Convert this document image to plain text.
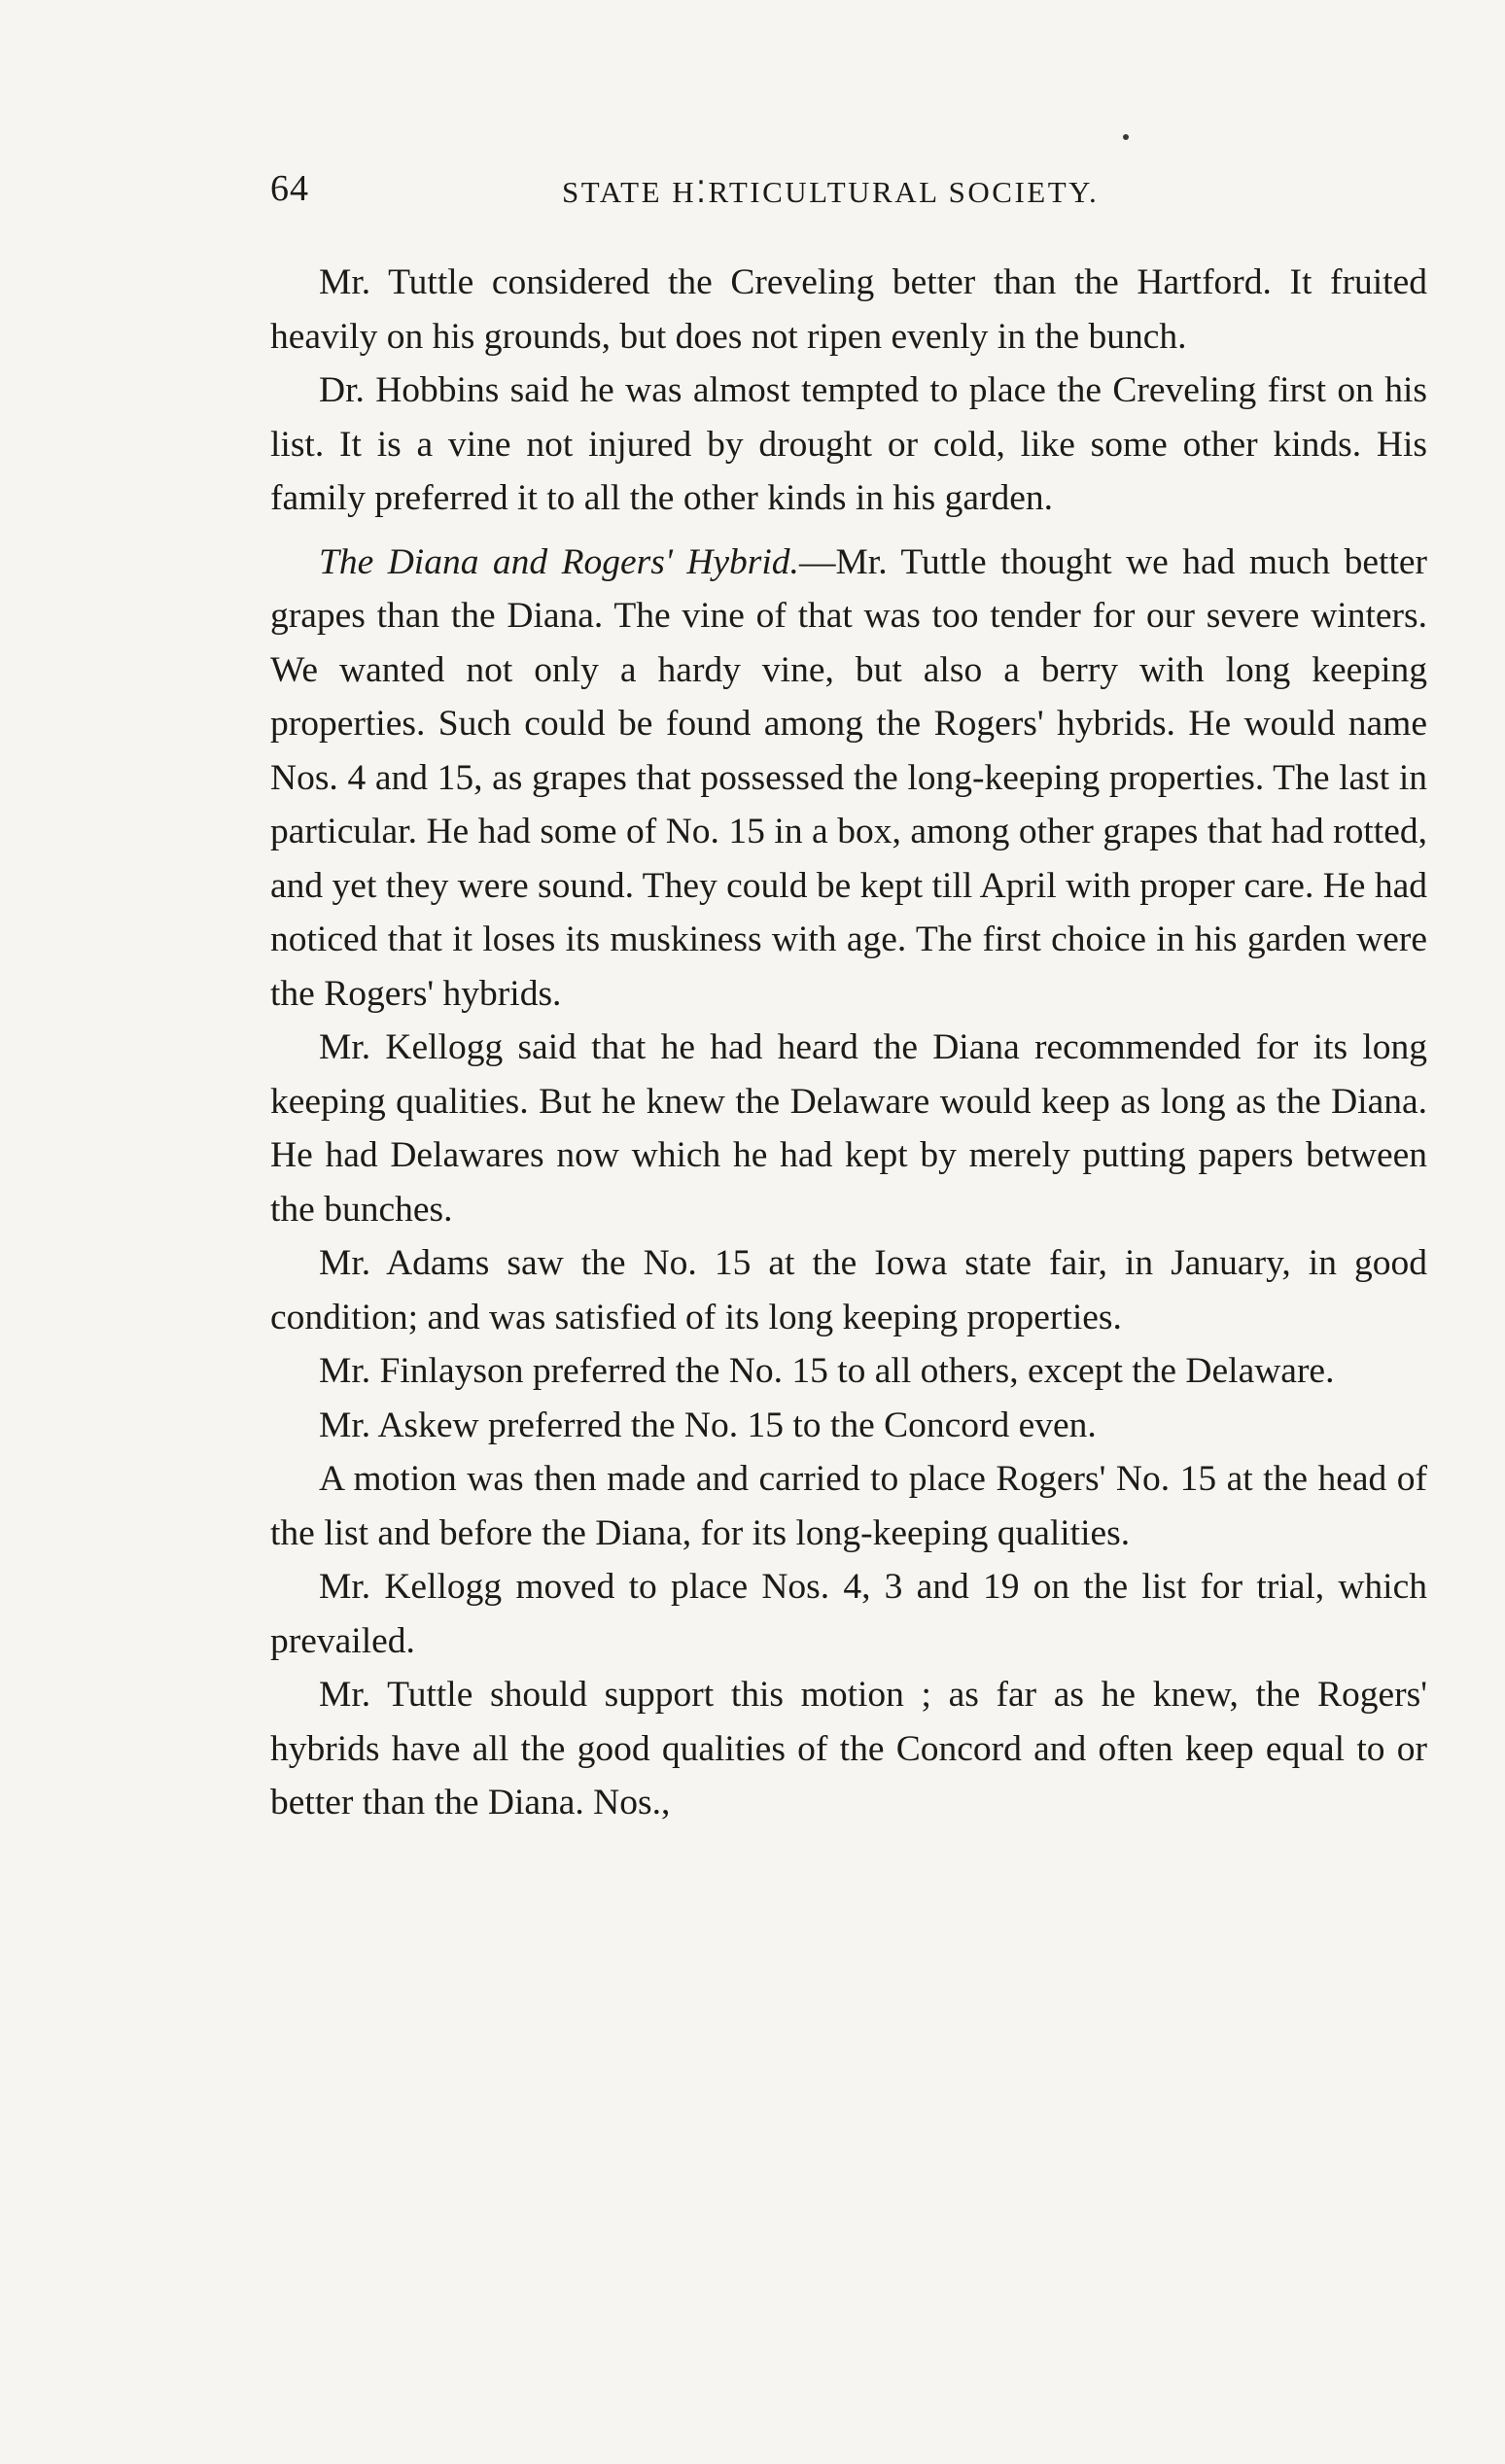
64	STATE H⁚RTICULTURAL SOCIETY.

Mr. Tuttle considered the Creveling better than the Hartford. It fruited heavily on his grounds, but does not ripen evenly in the bunch.

Dr. Hobbins said he was almost tempted to place the Creveling first on his list. It is a vine not injured by drought or cold, like some other kinds. His family preferred it to all the other kinds in his garden.

The Diana and Rogers' Hybrid.—Mr. Tuttle thought we had much better grapes than the Diana. The vine of that was too tender for our severe winters. We wanted not only a hardy vine, but also a berry with long keeping properties. Such could be found among the Rogers' hybrids. He would name Nos. 4 and 15, as grapes that possessed the long-keeping properties. The last in particular. He had some of No. 15 in a box, among other grapes that had rotted, and yet they were sound. They could be kept till April with proper care. He had noticed that it loses its muskiness with age. The first choice in his garden were the Rogers' hybrids.

Mr. Kellogg said that he had heard the Diana recommended for its long keeping qualities. But he knew the Delaware would keep as long as the Diana. He had Delawares now which he had kept by merely putting papers between the bunches.

Mr. Adams saw the No. 15 at the Iowa state fair, in January, in good condition; and was satisfied of its long keeping properties.

Mr. Finlayson preferred the No. 15 to all others, except the Delaware.

Mr. Askew preferred the No. 15 to the Concord even.

A motion was then made and carried to place Rogers' No. 15 at the head of the list and before the Diana, for its long-keeping qualities.

Mr. Kellogg moved to place Nos. 4, 3 and 19 on the list for trial, which prevailed.

Mr. Tuttle should support this motion ; as far as he knew, the Rogers' hybrids have all the good qualities of the Concord and often keep equal to or better than the Diana. Nos.,
